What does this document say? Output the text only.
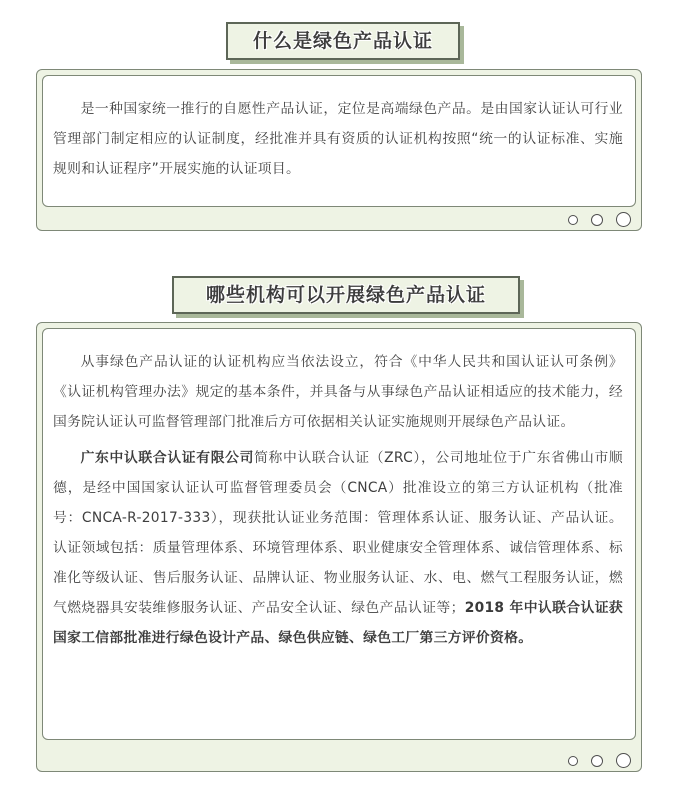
什么是绿色产品认证

是一种国家统一推行的自愿性产品认证，定位是高端绿色产品。是由国家认证认可行业管理部门制定相应的认证制度，经批准并具有资质的认证机构按照“统一的认证标准、实施规则和认证程序”开展实施的认证项目。

哪些机构可以开展绿色产品认证

从事绿色产品认证的认证机构应当依法设立，符合《中华人民共和国认证认可条例》《认证机构管理办法》规定的基本条件，并具备与从事绿色产品认证相适应的技术能力，经国务院认证认可监督管理部门批准后方可依据相关认证实施规则开展绿色产品认证。

广东中认联合认证有限公司简称中认联合认证（ZRC），公司地址位于广东省佛山市顺德，是经中国国家认证认可监督管理委员会（CNCA）批准设立的第三方认证机构（批准号：CNCA-R-2017-333），现获批认证业务范围：管理体系认证、服务认证、产品认证。认证领域包括：质量管理体系、环境管理体系、职业健康安全管理体系、诚信管理体系、标准化等级认证、售后服务认证、品牌认证、物业服务认证、水、电、燃气工程服务认证，燃气燃烧器具安装维修服务认证、产品安全认证、绿色产品认证等；2018 年中认联合认证获国家工信部批准进行绿色设计产品、绿色供应链、绿色工厂第三方评价资格。
